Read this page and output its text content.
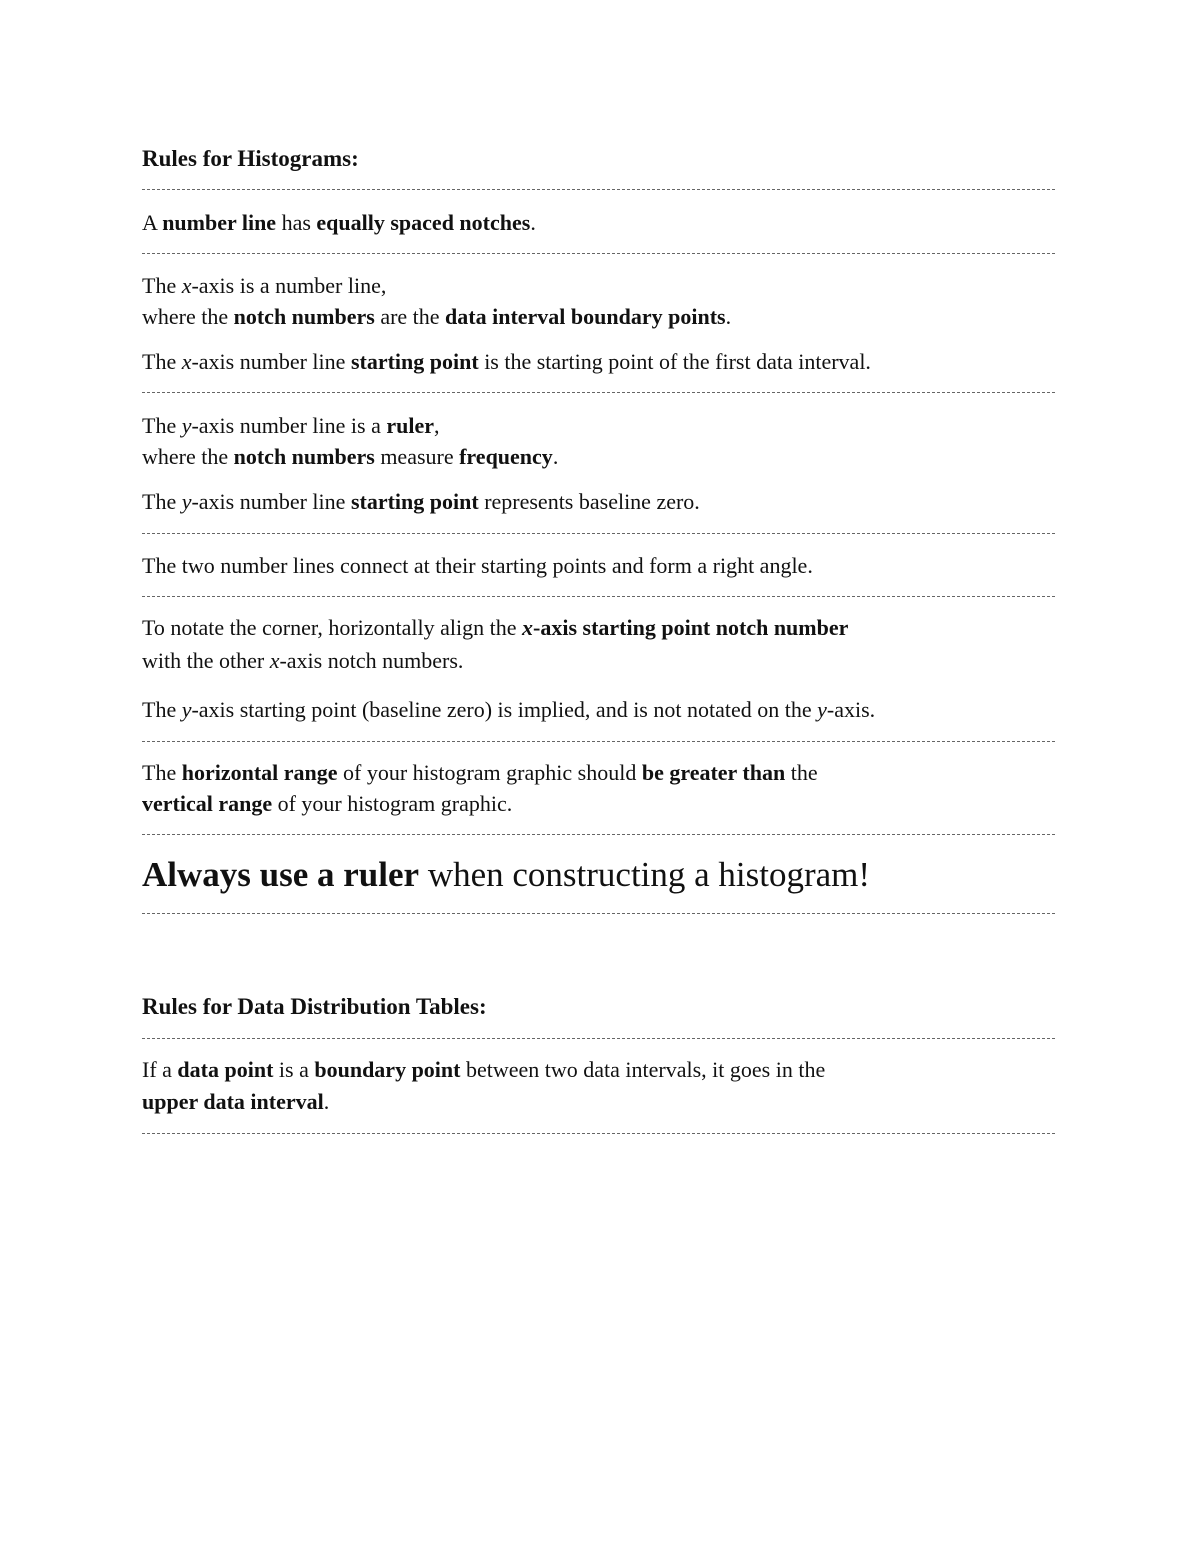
Rules for Histograms:

A number line has equally spaced notches.

The x-axis is a number line,

where the notch numbers are the data interval boundary points.

The x-axis number line starting point is the starting point of the first data interval.

The y-axis number line is a ruler,

where the notch numbers measure frequency.

The y-axis number line starting point represents baseline zero.

The two number lines connect at their starting points and form a right angle.

To notate the corner, horizontally align the x-axis starting point notch number

with the other x-axis notch numbers.

The y-axis starting point (baseline zero) is implied, and is not notated on the y-axis.

The horizontal range of your histogram graphic should be greater than the

vertical range of your histogram graphic.

Always use a ruler when constructing a histogram!

Rules for Data Distribution Tables:

If a data point is a boundary point between two data intervals, it goes in the

upper data interval.
